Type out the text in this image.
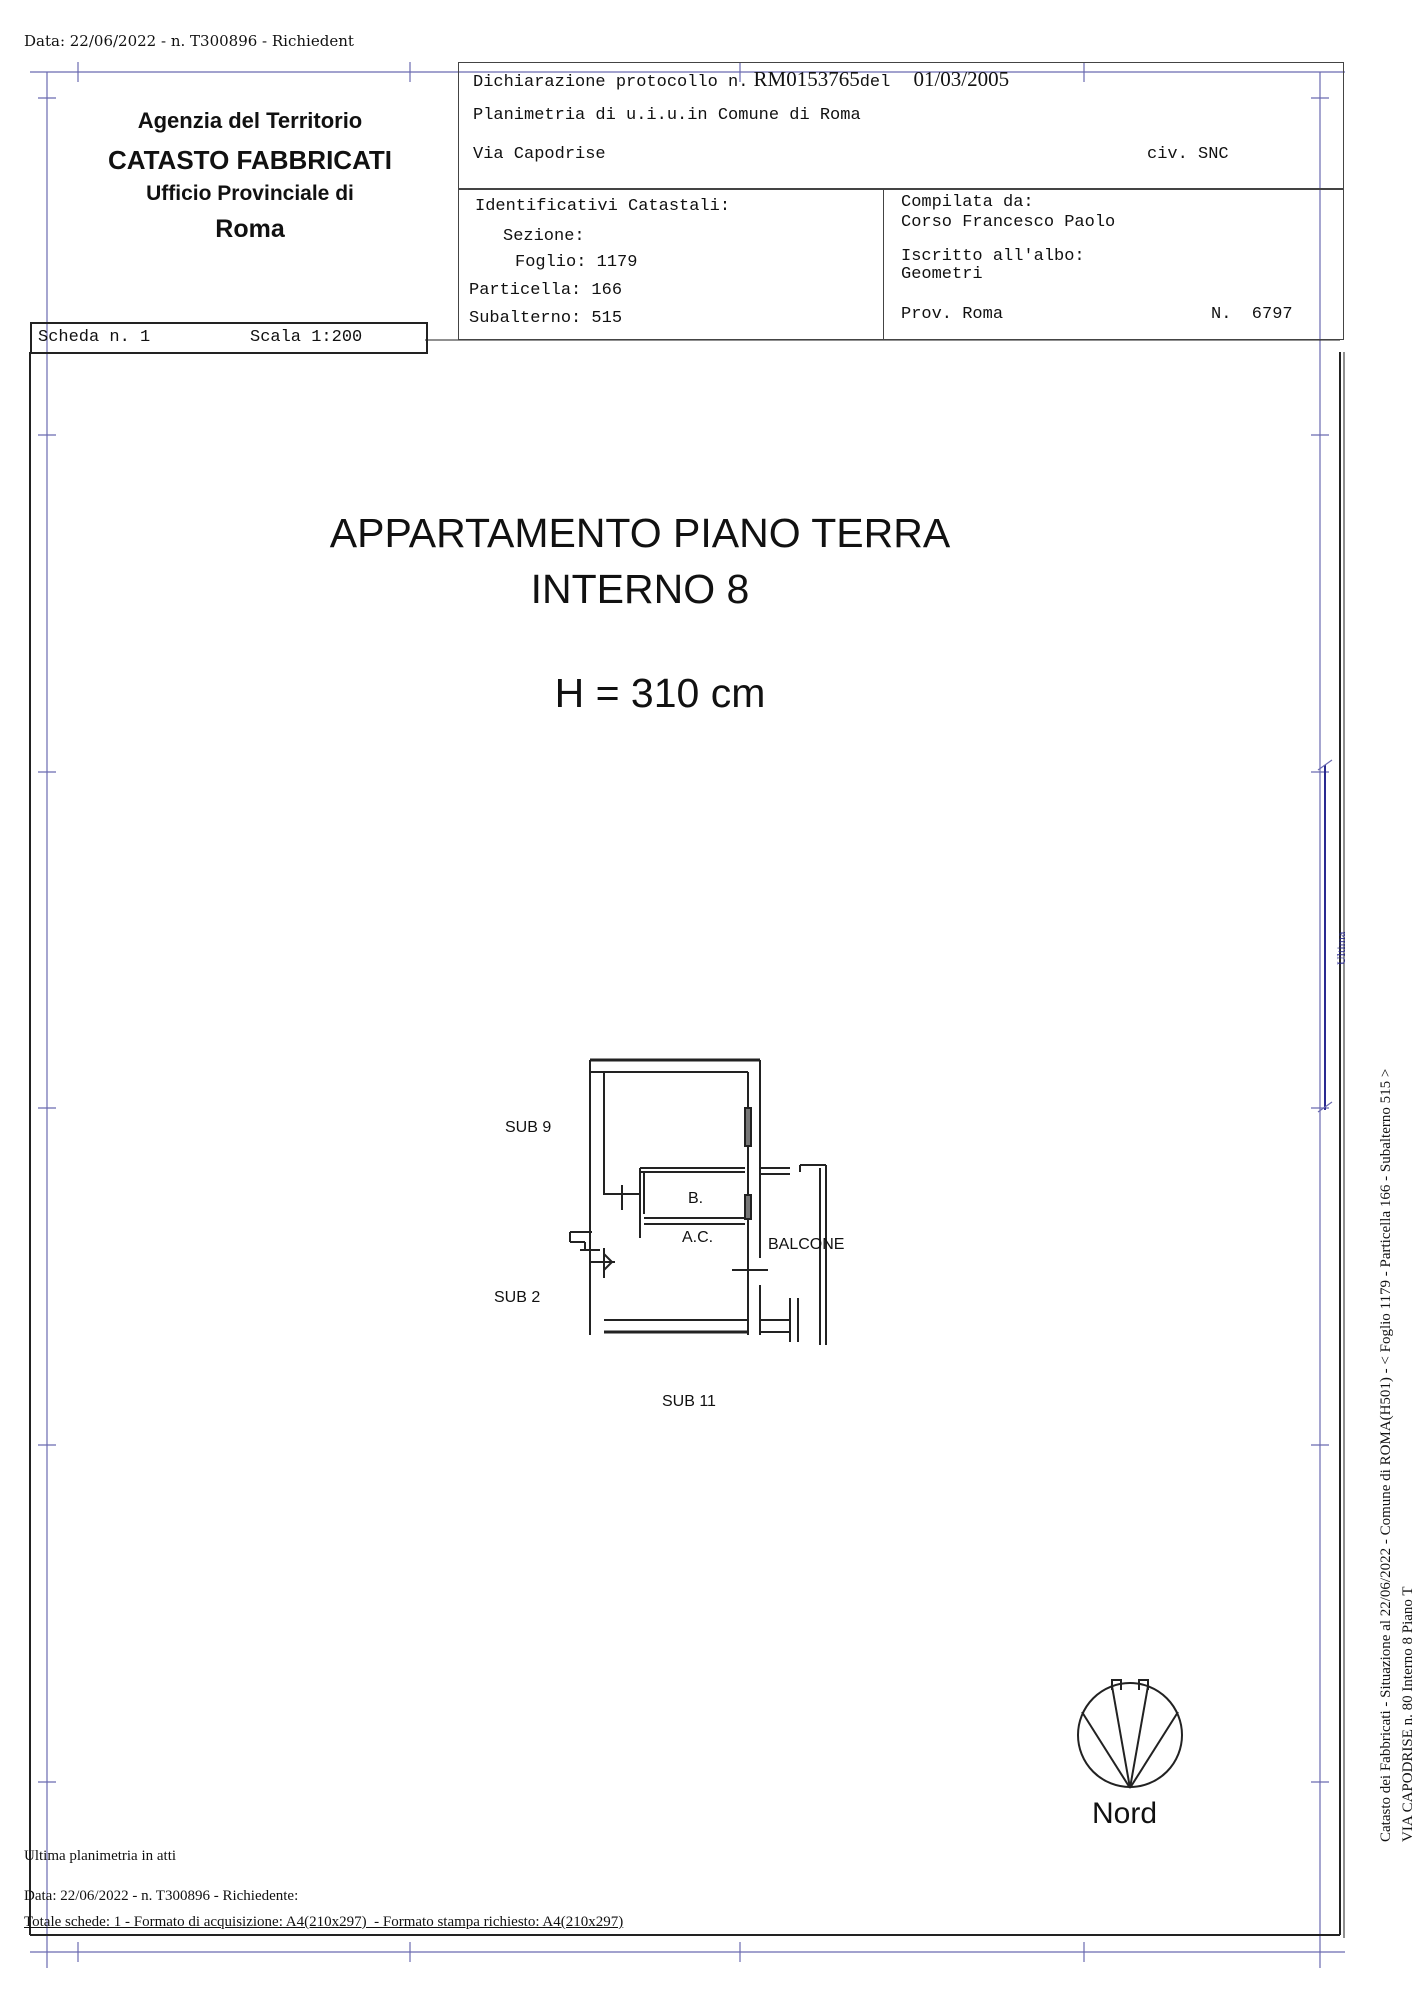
Data: 22/06/2022 - n. T300896 - Richiedent
Agenzia del Territorio
CATASTO FABBRICATI
Ufficio Provinciale di
Roma
Scheda n. 1	Scala 1:200
Dichiarazione protocollo n. RM0153765del 01/03/2005
Planimetria di u.i.u.in Comune di Roma
Via Capodrise	civ. SNC
Identificativi Catastali:
Sezione:
Foglio: 1179
Particella: 166
Subalterno: 515
Compilata da:
Corso Francesco Paolo
Iscritto all'albo:
Geometri
Prov. Roma	N.  6797
APPARTAMENTO PIANO TERRA
INTERNO 8
H = 310 cm
SUB 9
SUB 2
SUB 11
B.
A.C.	BALCONE
Nord	Catasto dei Fabbricati - Situazione al 22/06/2022 - Comune di ROMA(H501) - < Foglio 1179 - Particella 166 - Subalterno 515 > VIA CAPODRISE n. 80 Interno 8 Piano T
Ultima
Ultima planimetria in atti
Data: 22/06/2022 - n. T300896 - Richiedente:
Totale schede: 1 - Formato di acquisizione: A4(210x297)  - Formato stampa richiesto: A4(210x297)
